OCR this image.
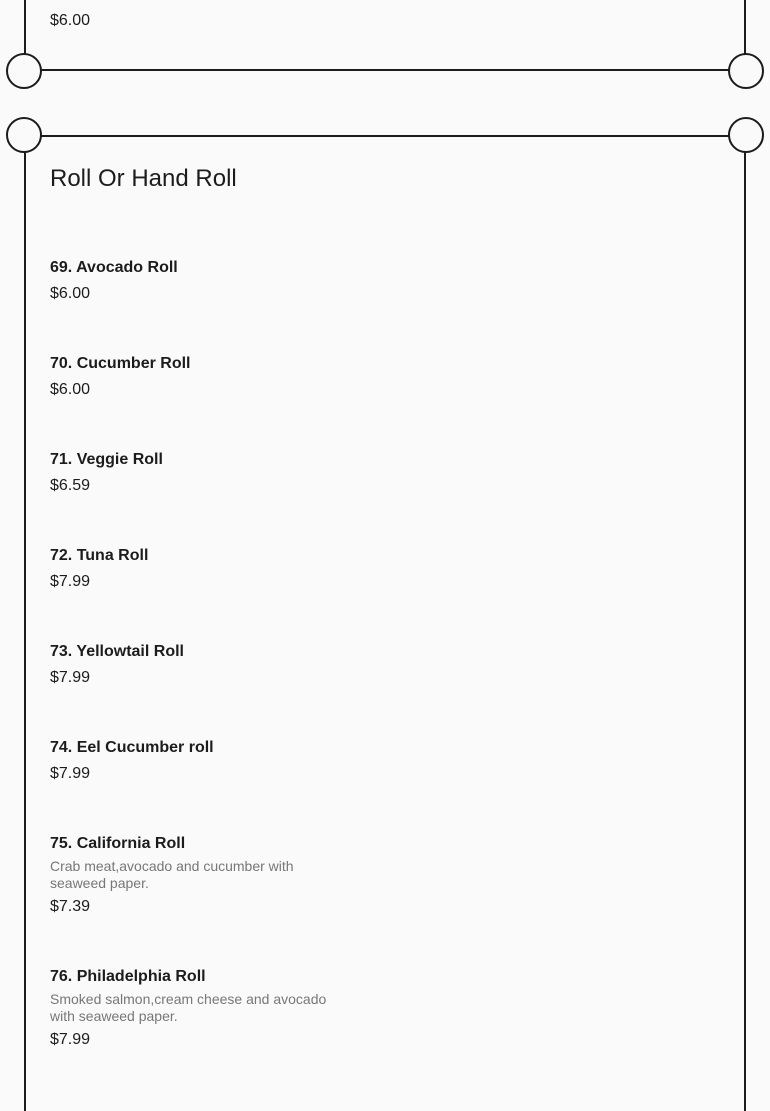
$6.00
Roll Or Hand Roll
69. Avocado Roll
$6.00
70. Cucumber Roll
$6.00
71. Veggie Roll
$6.59
72. Tuna Roll
$7.99
73. Yellowtail Roll
$7.99
74. Eel Cucumber roll
$7.99
75. California Roll
Crab meat,avocado and cucumber with seaweed paper.
$7.39
76. Philadelphia Roll
Smoked salmon,cream cheese and avocado with seaweed paper.
$7.99
